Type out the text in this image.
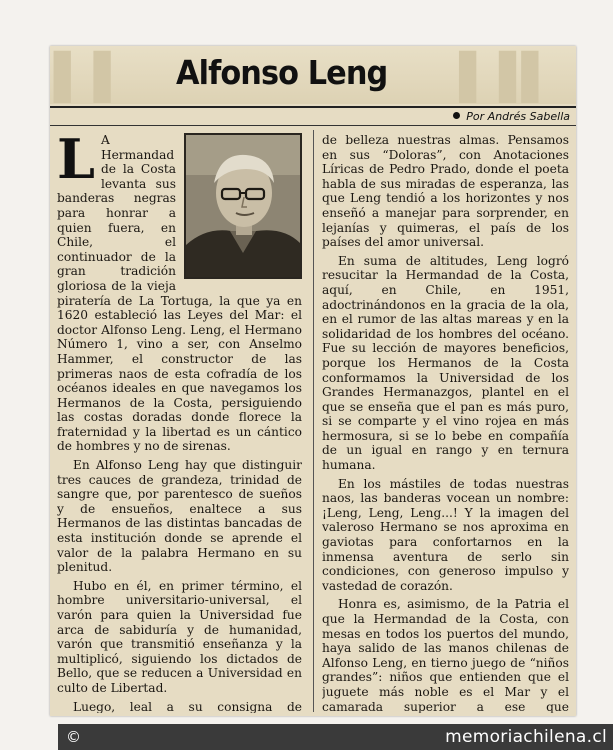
▌▌	▐▐▌
Alfonso Leng
Por Andrés Sabella

L A Hermandad de la Costa levanta sus banderas negras para honrar a quien fuera, en Chile, el continuador de la gran tradición gloriosa de la vieja piratería de La Tortuga, la que ya en 1620 estableció las Leyes del Mar: el doctor Alfonso Leng. Leng, el Hermano Número 1, vino a ser, con Anselmo Hammer, el constructor de las primeras naos de esta cofradía de los océanos ideales en que navegamos los Hermanos de la Costa, persiguiendo las costas doradas donde florece la fraternidad y la libertad es un cántico de hombres y no de sirenas.

En Alfonso Leng hay que distinguir tres cauces de grandeza, trinidad de sangre que, por parentesco de sueños y de ensueños, enaltece a sus Hermanos de las distintas bancadas de esta institución donde se aprende el valor de la palabra Hermano en su plenitud.

Hubo en él, en primer término, el hombre universitario-universal, el varón para quien la Universidad fue arca de sabiduría y de humanidad, varón que transmitió enseñanza y la multiplicó, siguiendo los dictados de Bello, que se reducen a Universidad en culto de Libertad.

Luego, leal a su consigna de

de belleza nuestras almas. Pensamos en sus “Doloras”, con Anotaciones Líricas de Pedro Prado, donde el poeta habla de sus miradas de esperanza, las que Leng tendió a los horizontes y nos enseñó a manejar para sorprender, en lejanías y quimeras, el país de los países del amor universal.

En suma de altitudes, Leng logró resucitar la Hermandad de la Costa, aquí, en Chile, en 1951, adoctrinándonos en la gracia de la ola, en el rumor de las altas mareas y en la solidaridad de los hombres del océano. Fue su lección de mayores beneficios, porque los Hermanos de la Costa conformamos la Universidad de los Grandes Hermanazgos, plantel en el que se enseña que el pan es más puro, si se comparte y el vino rojea en más hermosura, si se lo bebe en compañía de un igual en rango y en ternura humana.

En los mástiles de todas nuestras naos, las banderas vocean un nombre: ¡Leng, Leng, Leng...! Y la imagen del valeroso Hermano se nos aproxima en gaviotas para confortarnos en la inmensa aventura de serlo sin condiciones, con generoso impulso y vastedad de corazón.

Honra es, asimismo, de la Patria el que la Hermandad de la Costa, con mesas en todos los puertos del mundo, haya salido de las manos chilenas de Alfonso Leng, en tierno juego de “niños grandes”: niños que entienden que el juguete más noble es el Mar y el camarada superior a ese que

©	memoriachilena.cl
